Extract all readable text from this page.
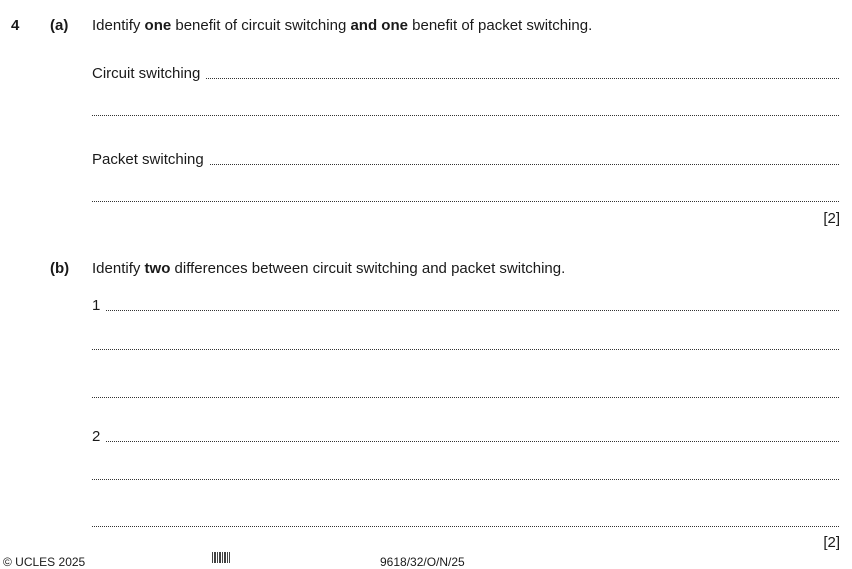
4 (a) Identify one benefit of circuit switching and one benefit of packet switching.
Circuit switching
Packet switching
[2]
(b) Identify two differences between circuit switching and packet switching.
1
2
[2]
© UCLES 2025	9618/32/O/N/25
